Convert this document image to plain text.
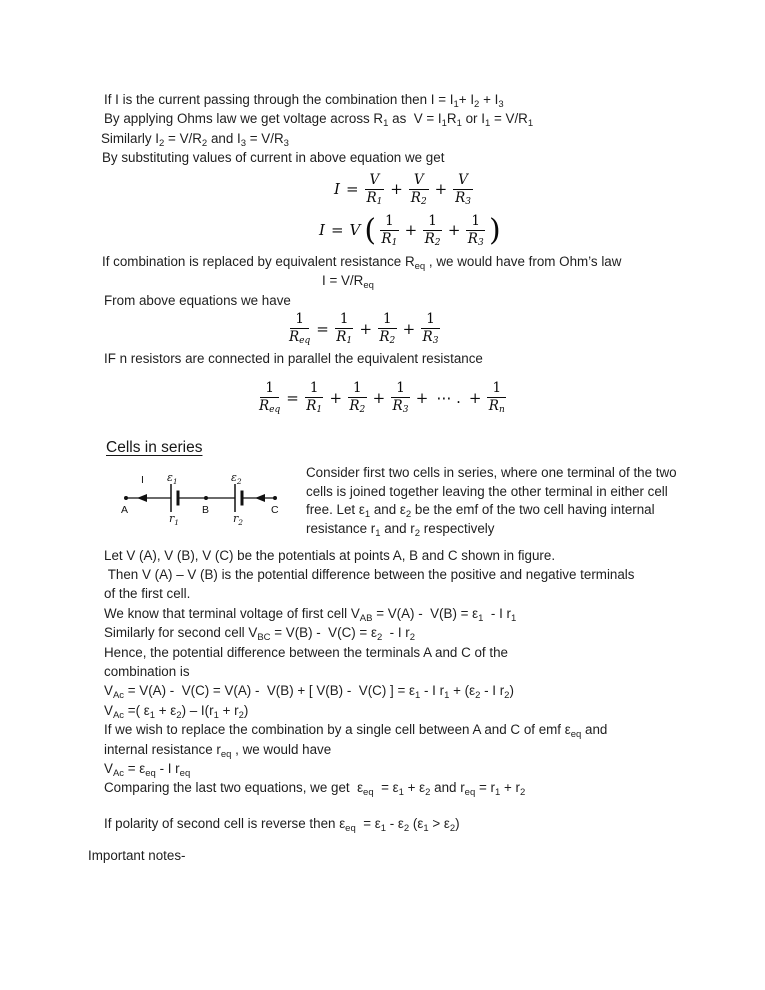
If I is the current passing through the combination then $I = I_1+ I_2 + I_3$
By applying Ohms law we get voltage across $R_1$ as  $V = I_1R_1$ or $I_1 = V/R_1$
Similarly $I_2 = V/R_2$ and $I_3 = V/R_3$
By substituting values of current in above equation we get
$I = \frac{V}{R_1} + \frac{V}{R_2} + \frac{V}{R_3}$
I = V ( $\frac{1}{R_1} + \frac{1}{R_2} + \frac{1}{R_3}$ )
If combination is replaced by equivalent resistance $R_{eq}$ , we would have from Ohm’s law
$I = V/R_{eq}$
From above equations we have
$\frac{1}{R_{eq}} = \frac{1}{R_1} + \frac{1}{R_2} + \frac{1}{R_3}$
IF n resistors are connected in parallel the equivalent resistance
$\frac{1}{R_{eq}} = \frac{1}{R_1} + \frac{1}{R_2} + \frac{1}{R_3}$ + ⋯ . + $\frac{1}{R_n}$
Cells in series
I $\varepsilon_1$	$\varepsilon_2$
$r_1$	$r_2$
A	B	C
Consider first two cells in series, where one terminal of the two cells is joined together leaving the other terminal in either cell free. Let $\varepsilon_1$ and $\varepsilon_2$ be the emf of the two cell having internal resistance $r_1$ and $r_2$ respectively
Let V (A), V (B), V (C) be the potentials at points A, B and C shown in figure.
Then V (A) – V (B) is the potential difference between the positive and negative terminals
of the first cell.
We know that terminal voltage of first cell $V_{AB} = V(A) - V(B) = \varepsilon_1 - I$ $r_1$
Similarly for second cell $V_{BC} = V(B) - V(C) = \varepsilon_2 - I$ $r_2$
Hence, the potential difference between the terminals A and C of the
combination is
$V_{Ac} = V(A) - V(C) = V(A) - V(B)$ + [ V(B) -  V(C) ] = $\varepsilon_1$ - I $r_1 + (\varepsilon_2 - I$ $r_2$)
$V_{Ac}$ =( $\varepsilon_1 + \varepsilon_2) - I(r_1 + r_2)$
If we wish to replace the combination by a single cell between A and C of emf $\varepsilon_{eq}$ and
internal resistance $r_{eq}$ , we would have
$V_{Ac} = \varepsilon_{eq} - I$ $r_{eq}$
Comparing the last two equations, we get  $\varepsilon_{eq} = \varepsilon_1 + \varepsilon_2$ and $r_{eq} = r_1 + r_2$
If polarity of second cell is reverse then $\varepsilon_{eq} = \varepsilon_1 - \varepsilon_2$ $(\varepsilon_1 > \varepsilon_2)$
Important notes-
